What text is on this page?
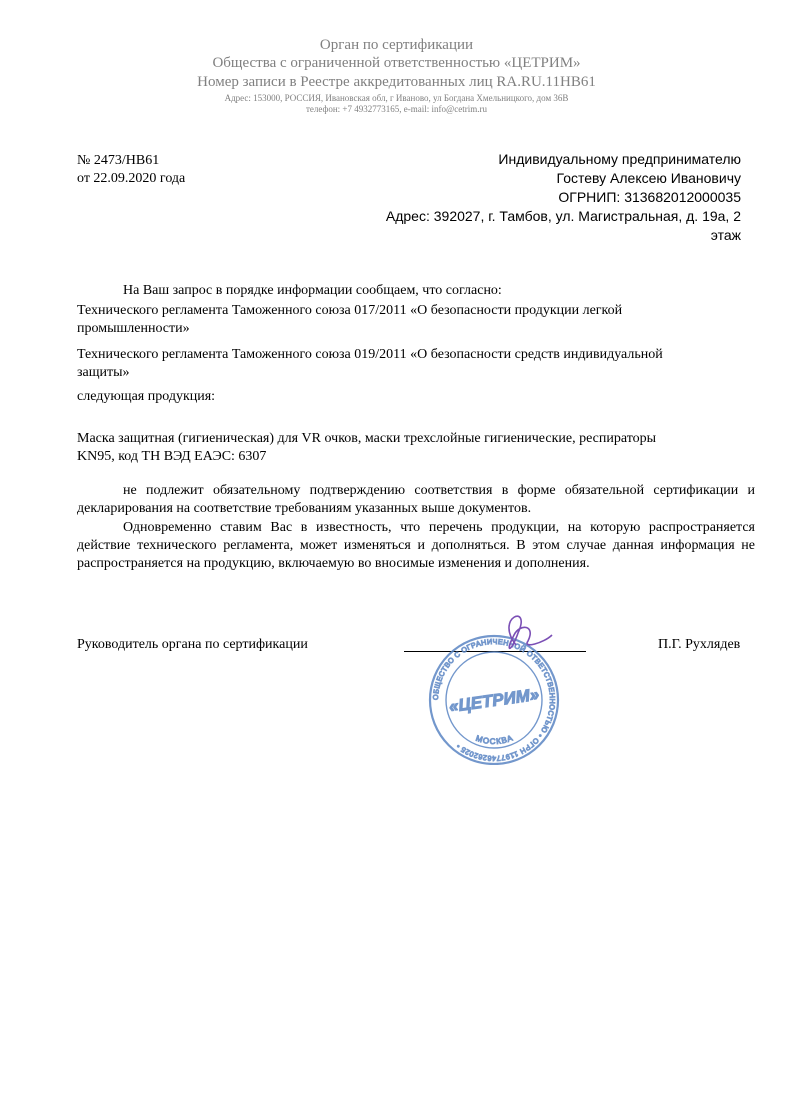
Орган по сертификации
Общества с ограниченной ответственностью «ЦЕТРИМ»
Номер записи в Реестре аккредитованных лиц RA.RU.11НВ61
Адрес: 153000, РОССИЯ, Ивановская обл, г Иваново, ул Богдана Хмельницкого, дом 36В
телефон: +7 4932773165, e-mail: info@cetrim.ru
№ 2473/НВ61
от 22.09.2020 года
Индивидуальному предпринимателю
Гостеву Алексею Ивановичу
ОГРНИП: 313682012000035
Адрес: 392027, г. Тамбов, ул. Магистральная, д. 19а, 2
этаж
На Ваш запрос в порядке информации сообщаем, что согласно:
Технического регламента Таможенного союза 017/2011 «О безопасности продукции легкой
промышленности»
Технического регламента Таможенного союза 019/2011 «О безопасности средств индивидуальной
защиты»
следующая продукция:
Маска защитная (гигиеническая) для VR очков, маски трехслойные гигиенические, респираторы
KN95, код ТН ВЭД ЕАЭС: 6307
не подлежит обязательному подтверждению соответствия в форме обязательной сертификации и декларирования на соответствие требованиям указанных выше документов.
Одновременно ставим Вас в известность, что перечень продукции, на которую распространяется действие технического регламента, может изменяться и дополняться. В этом случае данная информация не распространяется на продукцию, включаемую во вносимые изменения и дополнения.
Руководитель органа по сертификации	П.Г. Рухлядев
ОБЩЕСТВО С ОГРАНИЧЕННОЙ ОТВЕТСТВЕННОСТЬЮ • ОГРН 1197746262025 •
«ЦЕТРИМ»
МОСКВА
